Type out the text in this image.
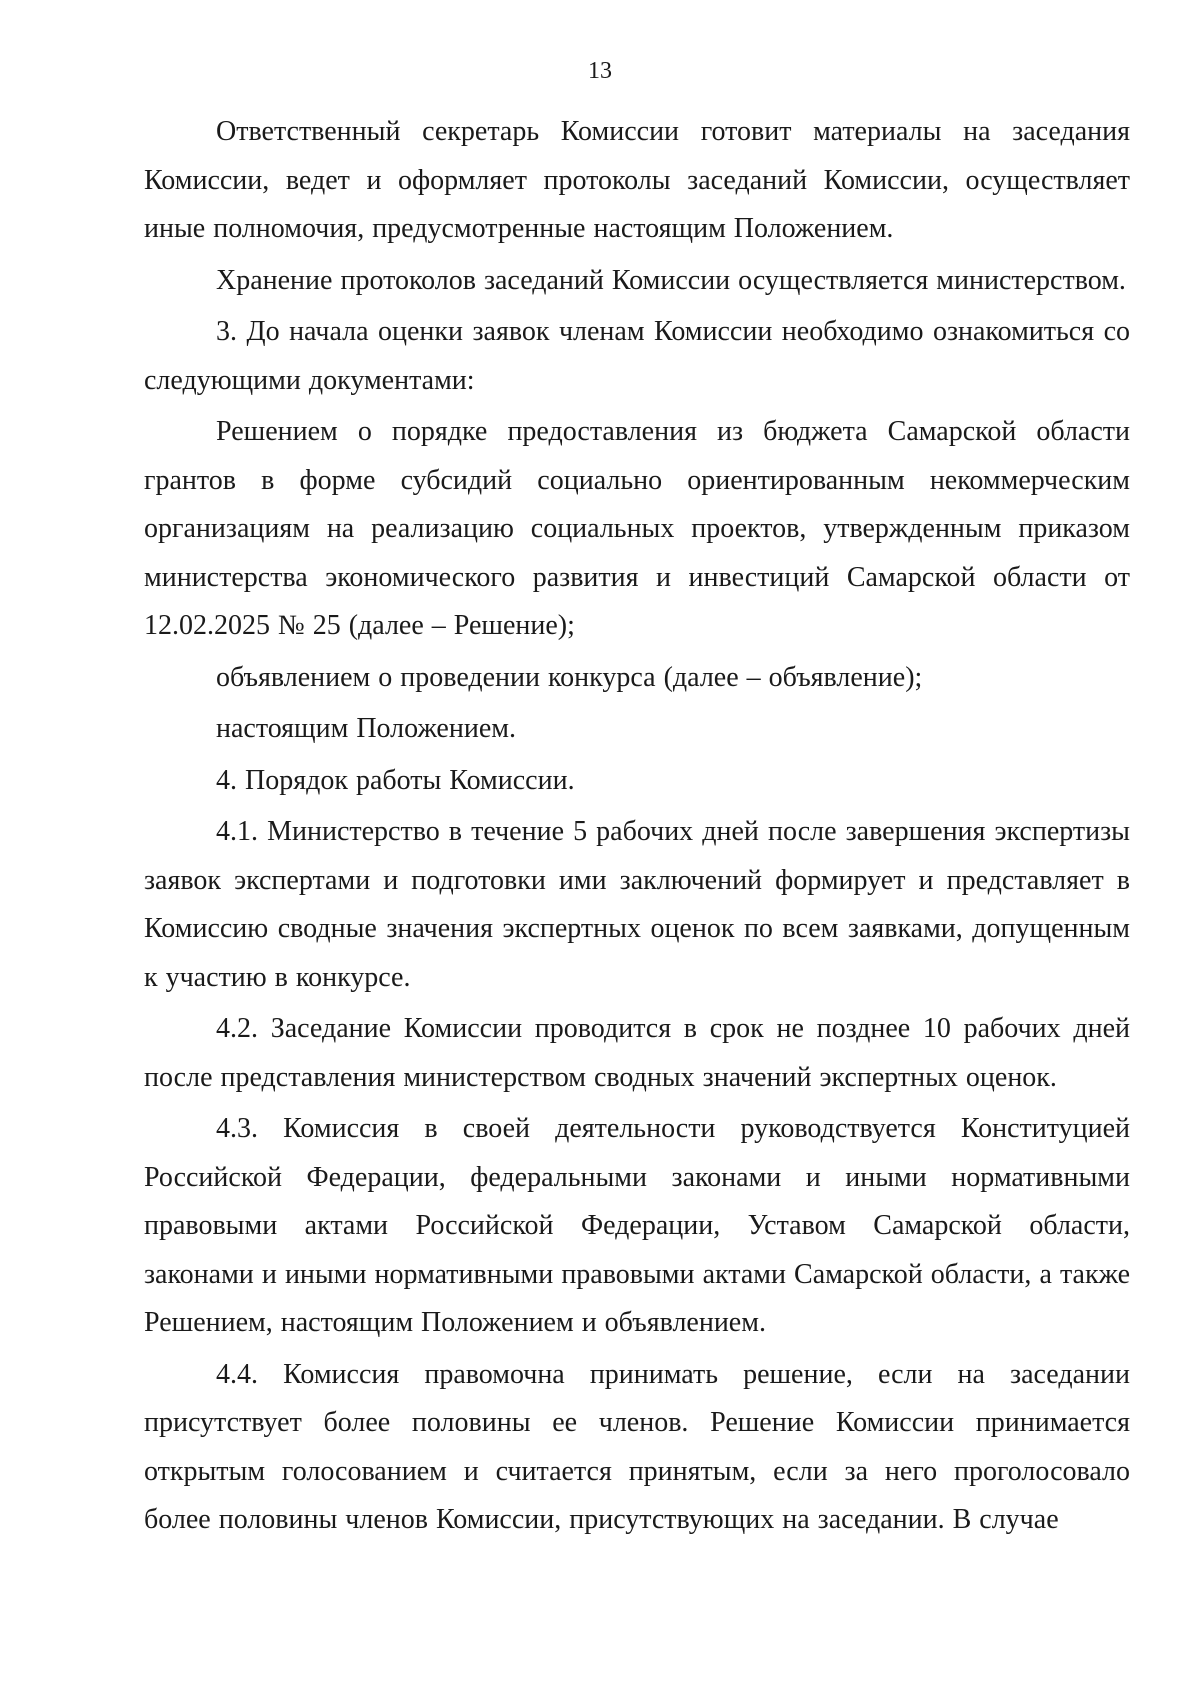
13

Ответственный секретарь Комиссии готовит материалы на заседания Комиссии, ведет и оформляет протоколы заседаний Комиссии, осуществляет иные полномочия, предусмотренные настоящим Положением.

Хранение протоколов заседаний Комиссии осуществляется министерством.

3. До начала оценки заявок членам Комиссии необходимо ознакомиться со следующими документами:

Решением о порядке предоставления из бюджета Самарской области грантов в форме субсидий социально ориентированным некоммерческим организациям на реализацию социальных проектов, утвержденным приказом министерства экономического развития и инвестиций Самарской области от 12.02.2025 № 25 (далее – Решение);

объявлением о проведении конкурса (далее – объявление);

настоящим Положением.

4. Порядок работы Комиссии.

4.1. Министерство в течение 5 рабочих дней после завершения экспертизы заявок экспертами и подготовки ими заключений формирует и представляет в Комиссию сводные значения экспертных оценок по всем заявками, допущенным к участию в конкурсе.

4.2. Заседание Комиссии проводится в срок не позднее 10 рабочих дней после представления министерством сводных значений экспертных оценок.

4.3. Комиссия в своей деятельности руководствуется Конституцией Российской Федерации, федеральными законами и иными нормативными правовыми актами Российской Федерации, Уставом Самарской области, законами и иными нормативными правовыми актами Самарской области, а также Решением, настоящим Положением и объявлением.

4.4. Комиссия правомочна принимать решение, если на заседании присутствует более половины ее членов. Решение Комиссии принимается открытым голосованием и считается принятым, если за него проголосовало более половины членов Комиссии, присутствующих на заседании. В случае
